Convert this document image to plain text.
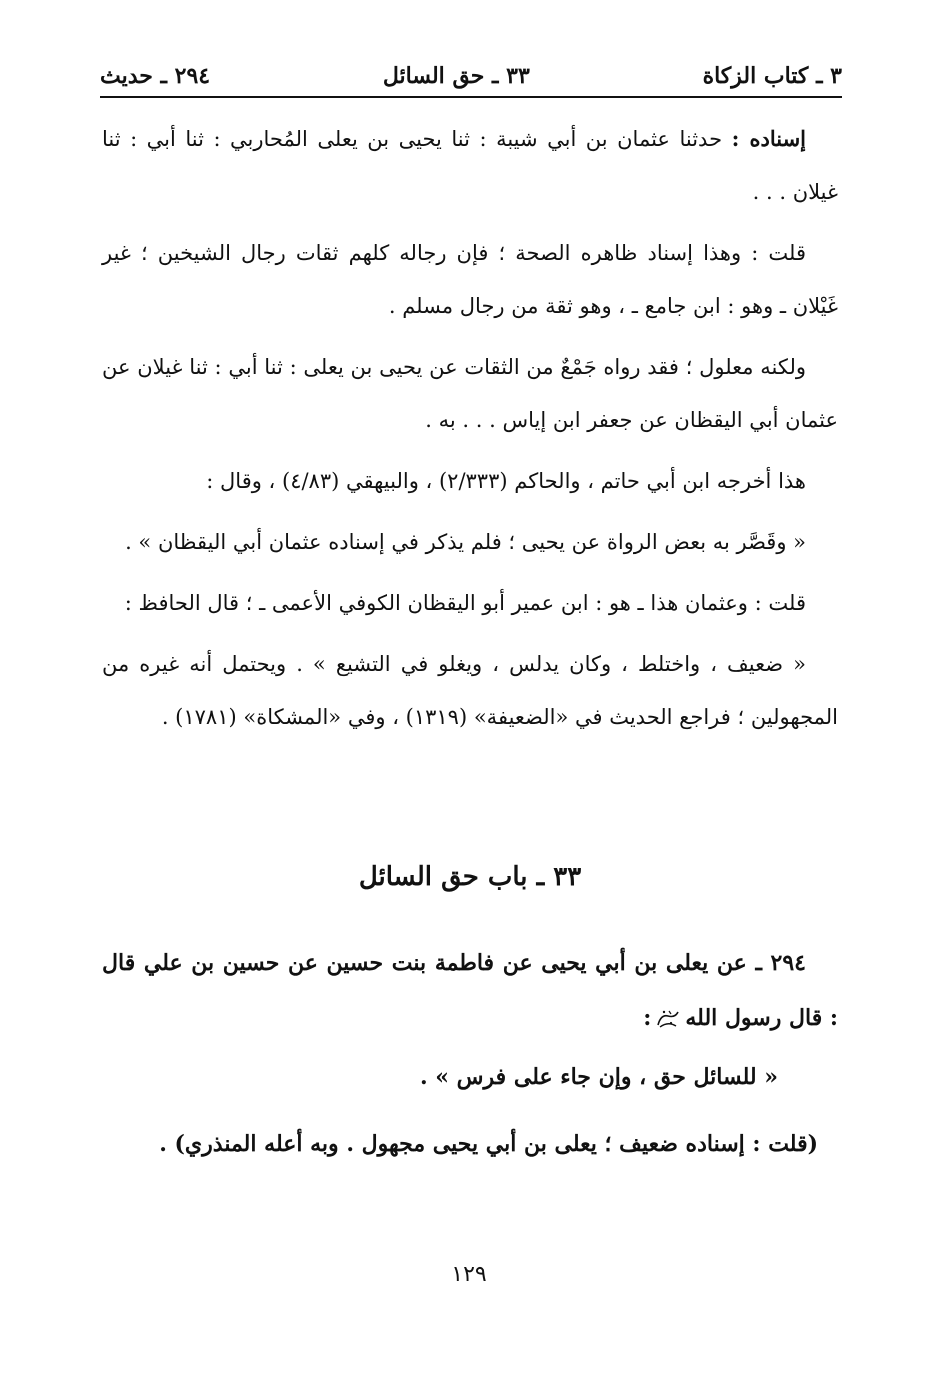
٣ ـ كتاب الزكاة
٣٣ ـ حق السائل
٢٩٤ ـ حديث

إسناده : حدثنا عثمان بن أبي شيبة : ثنا يحيى بن يعلى المُحاربي : ثنا أبي : ثنا غيلان . . .

قلت : وهذا إسناد ظاهره الصحة ؛ فإن رجاله كلهم ثقات رجال الشيخين ؛ غير غَيْلان ـ وهو : ابن جامع ـ ، وهو ثقة من رجال مسلم .

ولكنه معلول ؛ فقد رواه جَمْعٌ من الثقات عن يحيى بن يعلى : ثنا أبي : ثنا غيلان عن عثمان أبي اليقظان عن جعفر ابن إياس . . . به .

هذا أخرجه ابن أبي حاتم ، والحاكم (٢/٣٣٣) ، والبيهقي (٤/٨٣) ، وقال :

« وقَصَّر به بعض الرواة عن يحيى ؛ فلم يذكر في إسناده عثمان أبي اليقظان » .

قلت : وعثمان هذا ـ هو : ابن عمير أبو اليقظان الكوفي الأعمى ـ ؛ قال الحافظ :

« ضعيف ، واختلط ، وكان يدلس ، ويغلو في التشيع » . ويحتمل أنه غيره من المجهولين ؛ فراجع الحديث في «الضعيفة» (١٣١٩) ، وفي «المشكاة» (١٧٨١) .

٣٣ ـ باب حق السائل

٢٩٤ ـ عن يعلى بن أبي يحيى عن فاطمة بنت حسين عن حسين بن علي قال : قال رسول الله:

« للسائل حق ، وإن جاء على فرس » .

(قلت : إسناده ضعيف ؛ يعلى بن أبي يحيى مجهول . وبه أعله المنذري) .

١٢٩
